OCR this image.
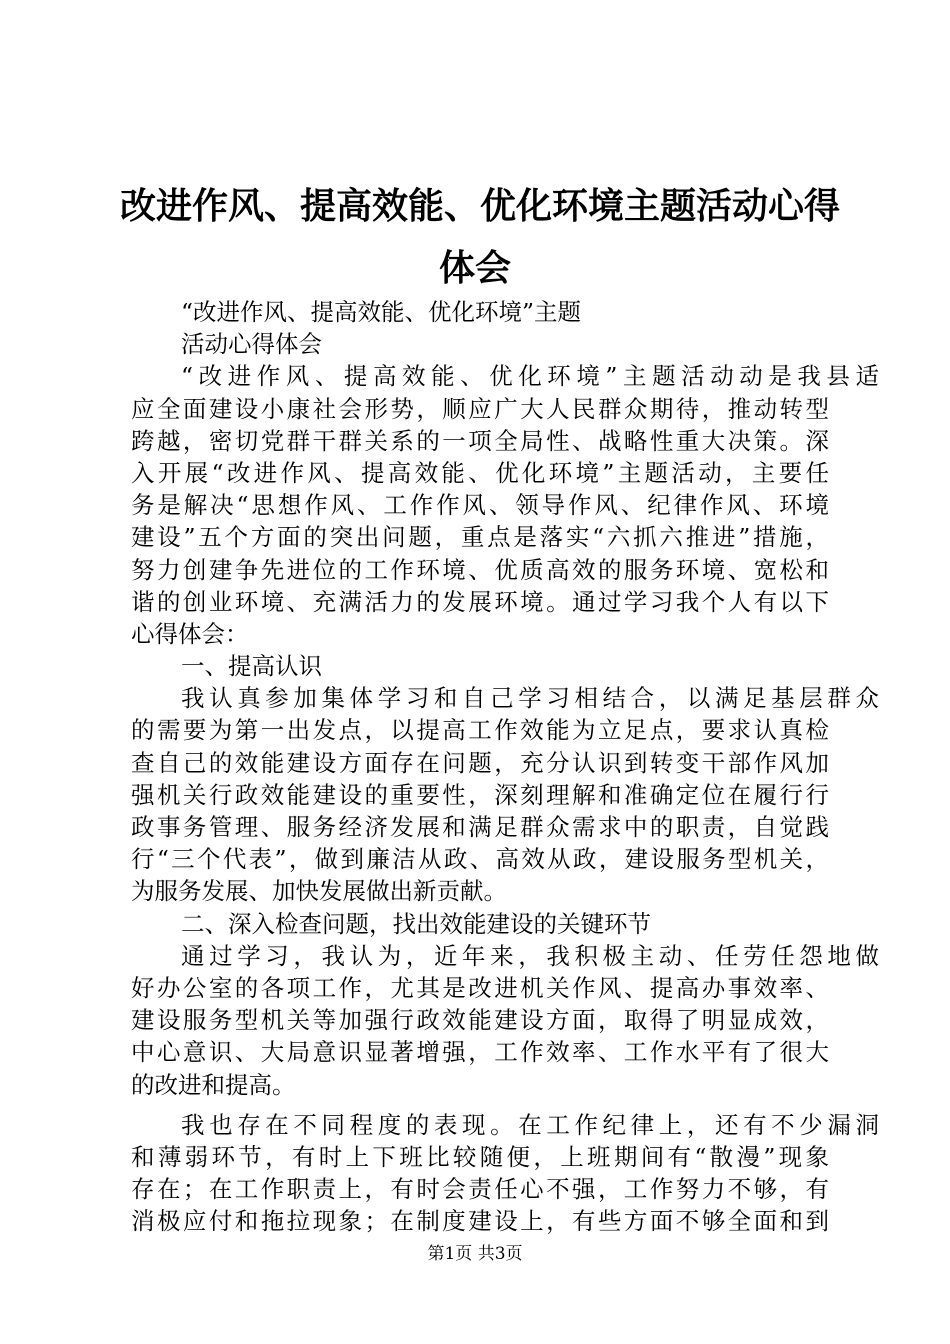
改进作风、提高效能、优化环境主题活动心得
体会
“改进作风、提高效能、优化环境”主题
活动心得体会
“改进作风、提高效能、优化环境”主题活动动是我县适
应全面建设小康社会形势，顺应广大人民群众期待，推动转型
跨越，密切党群干群关系的一项全局性、战略性重大决策。深
入开展“改进作风、提高效能、优化环境”主题活动，主要任
务是解决“思想作风、工作作风、领导作风、纪律作风、环境
建设”五个方面的突出问题，重点是落实“六抓六推进”措施，
努力创建争先进位的工作环境、优质高效的服务环境、宽松和
谐的创业环境、充满活力的发展环境。通过学习我个人有以下
心得体会：
一、提高认识
我认真参加集体学习和自己学习相结合，以满足基层群众
的需要为第一出发点，以提高工作效能为立足点，要求认真检
查自己的效能建设方面存在问题，充分认识到转变干部作风加
强机关行政效能建设的重要性，深刻理解和准确定位在履行行
政事务管理、服务经济发展和满足群众需求中的职责，自觉践
行“三个代表”，做到廉洁从政、高效从政，建设服务型机关，
为服务发展、加快发展做出新贡献。
二、深入检查问题，找出效能建设的关键环节
通过学习，我认为，近年来，我积极主动、任劳任怨地做
好办公室的各项工作，尤其是改进机关作风、提高办事效率、
建设服务型机关等加强行政效能建设方面，取得了明显成效，
中心意识、大局意识显著增强，工作效率、工作水平有了很大
的改进和提高。
我也存在不同程度的表现。在工作纪律上，还有不少漏洞
和薄弱环节，有时上下班比较随便，上班期间有“散漫”现象
存在；在工作职责上，有时会责任心不强，工作努力不够，有
消极应付和拖拉现象；在制度建设上，有些方面不够全面和到
第1页 共3页
